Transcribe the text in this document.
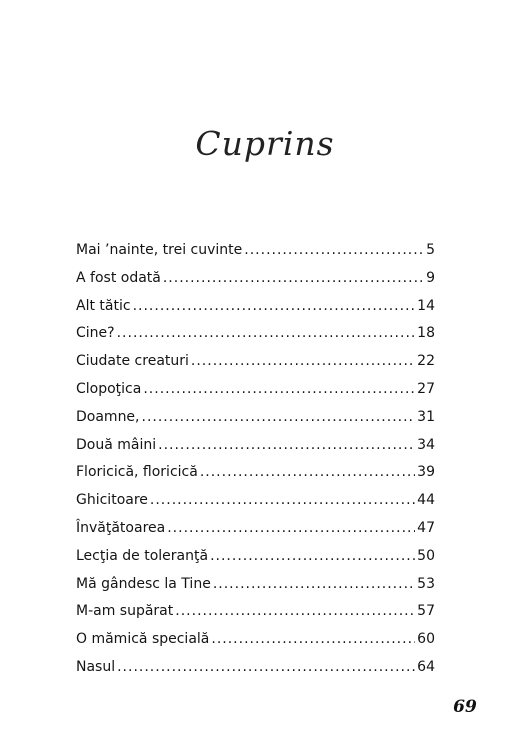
Cuprins
Mai ’nainte, trei cuvinte .....	5
A fost odată .....	9
Alt tătic .....	14
Cine? .....	18
Ciudate creaturi .....	22
Clopoţica .....	27
Doamne, .....	31
Două mâini .....	34
Floricică, floricică .....	39
Ghicitoare .....	44
Învăţătoarea .....	47
Lecţia de toleranţă .....	50
Mă gândesc la Tine .....	53
M-am supărat .....	57
O mămică specială .....	60
Nasul .....	64
69
